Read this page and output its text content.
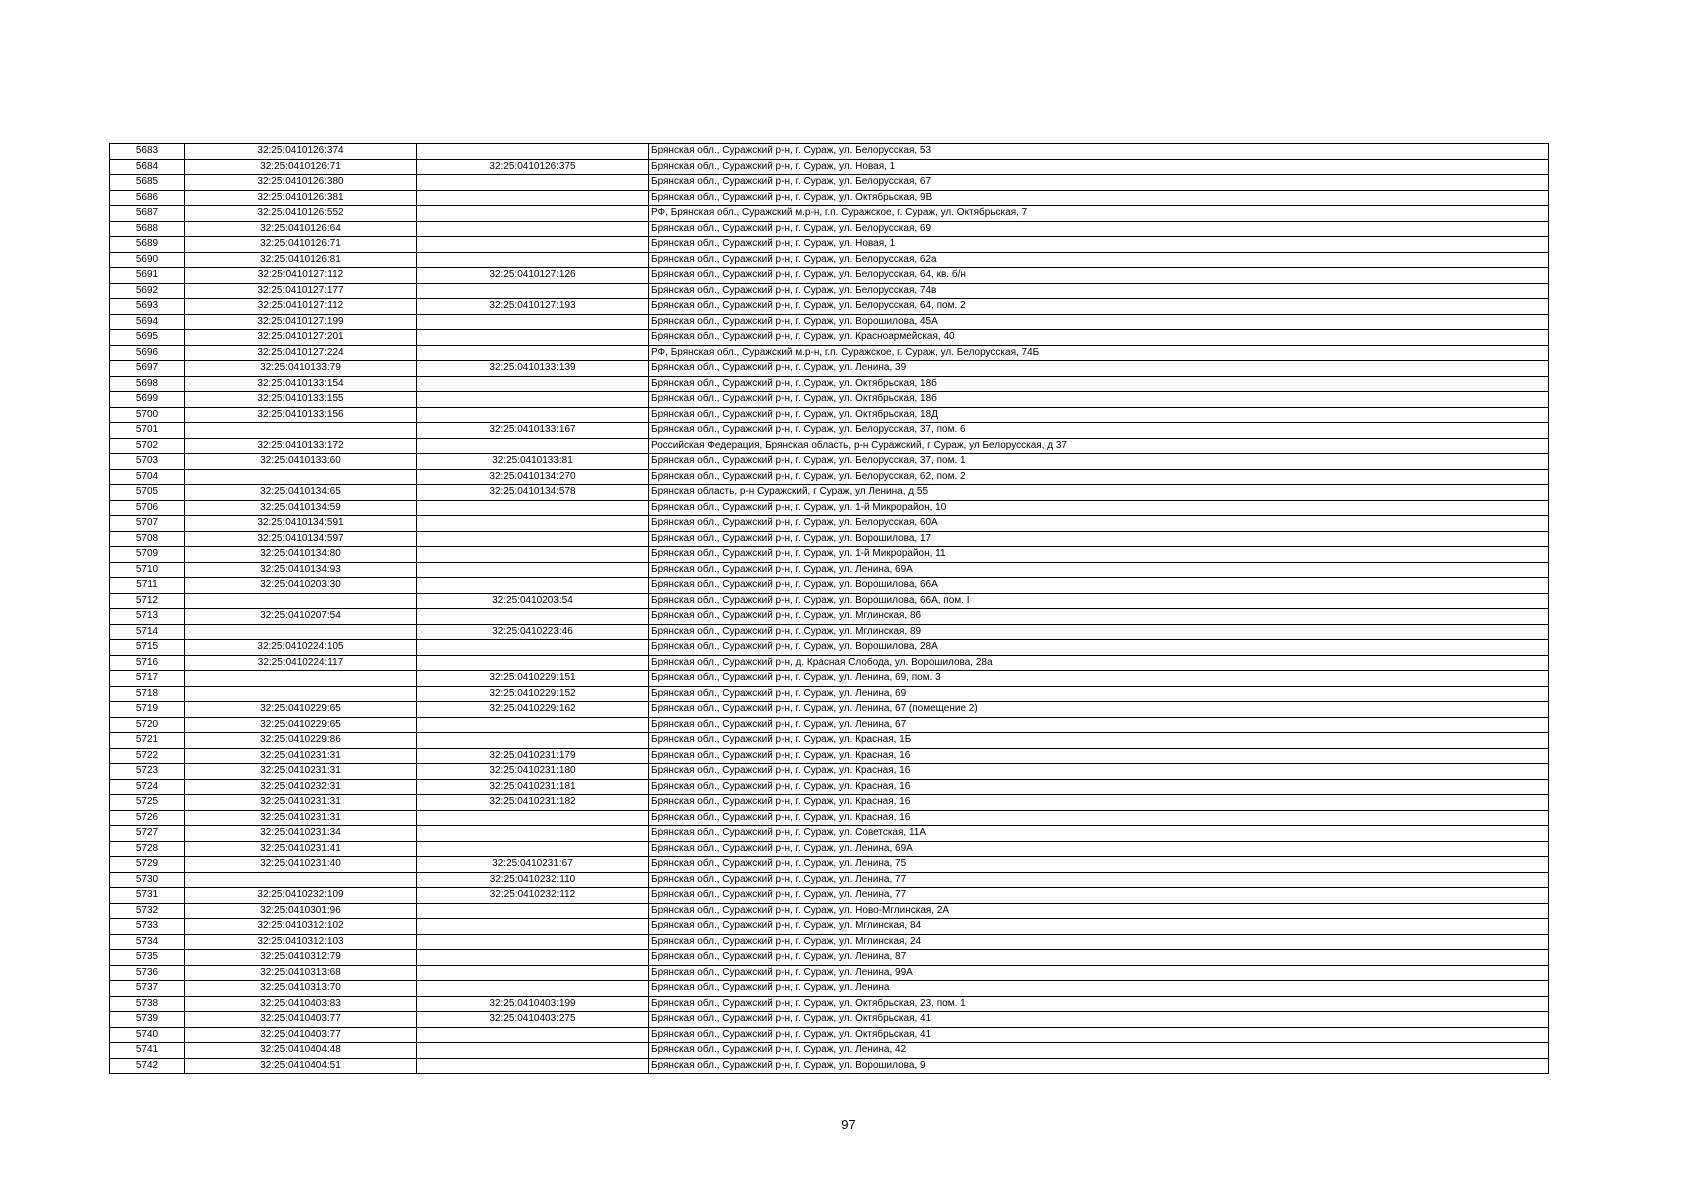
5683	32:25:0410126:374		Брянская обл., Суражский р-н, г. Сураж, ул. Белорусская, 53
5684	32:25:0410126:71	32:25:0410126:375	Брянская обл., Суражский р-н, г. Сураж, ул. Новая, 1
5685	32:25:0410126:380		Брянская обл., Суражский р-н, г. Сураж, ул. Белорусская, 67
5686	32:25:0410126:381		Брянская обл., Суражский р-н, г. Сураж, ул. Октябрьская, 9В
5687	32:25:0410126:552		РФ, Брянская обл., Суражский м.р-н, г.п. Суражское, г. Сураж, ул. Октябрьская, 7
5688	32:25:0410126:64		Брянская обл., Суражский р-н, г. Сураж, ул. Белорусская, 69
5689	32:25:0410126:71		Брянская обл., Суражский р-н, г. Сураж, ул. Новая, 1
5690	32:25:0410126:81		Брянская обл., Суражский р-н, г. Сураж, ул. Белорусская, 62а
5691	32:25:0410127:112	32:25:0410127:126	Брянская обл., Суражский р-н, г. Сураж, ул. Белорусская, 64, кв. б/н
5692	32:25:0410127:177		Брянская обл., Суражский р-н, г. Сураж, ул. Белорусская, 74в
5693	32:25:0410127:112	32:25:0410127:193	Брянская обл., Суражский р-н, г. Сураж, ул. Белорусская, 64, пом. 2
5694	32:25:0410127:199		Брянская обл., Суражский р-н, г. Сураж, ул. Ворошилова, 45А
5695	32:25:0410127:201		Брянская обл., Суражский р-н, г. Сураж, ул. Красноармейская, 40
5696	32:25:0410127:224		РФ, Брянская обл., Суражский м.р-н, г.п. Суражское, г. Сураж, ул. Белорусская, 74Б
5697	32:25:0410133:79	32:25:0410133:139	Брянская обл., Суражский р-н, г. Сураж, ул. Ленина, 39
5698	32:25:0410133:154		Брянская обл., Суражский р-н, г. Сураж, ул. Октябрьская, 18б
5699	32:25:0410133:155		Брянская обл., Суражский р-н, г. Сураж, ул. Октябрьская, 18б
5700	32:25:0410133:156		Брянская обл., Суражский р-н, г. Сураж, ул. Октябрьская, 18Д
5701		32:25:0410133:167	Брянская обл., Суражский р-н, г. Сураж, ул. Белорусская, 37, пом. 6
5702	32:25:0410133:172		Российская Федерация, Брянская область, р-н Суражский, г Сураж, ул Белорусская, д 37
5703	32:25:0410133:60	32:25:0410133:81	Брянская обл., Суражский р-н, г. Сураж, ул. Белорусская, 37, пом. 1
5704		32:25:0410134:270	Брянская обл., Суражский р-н, г. Сураж, ул. Белорусская, 62, пом. 2
5705	32:25:0410134:65	32:25:0410134:578	Брянская область, р-н Суражский, г Сураж, ул Ленина, д 55
5706	32:25:0410134:59		Брянская обл., Суражский р-н, г. Сураж, ул. 1-й Микрорайон, 10
5707	32:25:0410134:591		Брянская обл., Суражский р-н, г. Сураж, ул. Белорусская, 60А
5708	32:25:0410134:597		Брянская обл., Суражский р-н, г. Сураж, ул. Ворошилова, 17
5709	32:25:0410134:80		Брянская обл., Суражский р-н, г. Сураж, ул. 1-й Микрорайон, 11
5710	32:25:0410134:93		Брянская обл., Суражский р-н, г. Сураж, ул. Ленина, 69А
5711	32:25:0410203:30		Брянская обл., Суражский р-н, г. Сураж, ул. Ворошилова, 66А
5712		32:25:0410203:54	Брянская обл., Суражский р-н, г. Сураж, ул. Ворошилова, 66А, пом. I
5713	32:25:0410207:54		Брянская обл., Суражский р-н, г. Сураж, ул. Мглинская, 86
5714		32:25:0410223:46	Брянская обл., Суражский р-н, г. Сураж, ул. Мглинская, 89
5715	32:25:0410224:105		Брянская обл., Суражский р-н, г. Сураж, ул. Ворошилова, 28А
5716	32:25:0410224:117		Брянская обл., Суражский р-н, д. Красная Слобода, ул. Ворошилова, 28а
5717		32:25:0410229:151	Брянская обл., Суражский р-н, г. Сураж, ул. Ленина, 69, пом. 3
5718		32:25:0410229:152	Брянская обл., Суражский р-н, г. Сураж, ул. Ленина, 69
5719	32:25:0410229:65	32:25:0410229:162	Брянская обл., Суражский р-н, г. Сураж, ул. Ленина, 67 (помещение 2)
5720	32:25:0410229:65		Брянская обл., Суражский р-н, г. Сураж, ул. Ленина, 67
5721	32:25:0410229:86		Брянская обл., Суражский р-н, г. Сураж, ул. Красная, 1Б
5722	32:25:0410231:31	32:25:0410231:179	Брянская обл., Суражский р-н, г. Сураж, ул. Красная, 16
5723	32:25:0410231:31	32:25:0410231:180	Брянская обл., Суражский р-н, г. Сураж, ул. Красная, 16
5724	32:25:0410232:31	32:25:0410231:181	Брянская обл., Суражский р-н, г. Сураж, ул. Красная, 16
5725	32:25:0410231:31	32:25:0410231:182	Брянская обл., Суражский р-н, г. Сураж, ул. Красная, 16
5726	32:25:0410231:31		Брянская обл., Суражский р-н, г. Сураж, ул. Красная, 16
5727	32:25:0410231:34		Брянская обл., Суражский р-н, г. Сураж, ул. Советская, 11А
5728	32:25:0410231:41		Брянская обл., Суражский р-н, г. Сураж, ул. Ленина, 69А
5729	32:25:0410231:40	32:25:0410231:67	Брянская обл., Суражский р-н, г. Сураж, ул. Ленина, 75
5730		32:25:0410232:110	Брянская обл., Суражский р-н, г. Сураж, ул. Ленина, 77
5731	32:25:0410232:109	32:25:0410232:112	Брянская обл., Суражский р-н, г. Сураж, ул. Ленина, 77
5732	32:25:0410301:96		Брянская обл., Суражский р-н, г. Сураж, ул. Ново-Мглинская, 2А
5733	32:25:0410312:102		Брянская обл., Суражский р-н, г. Сураж, ул. Мглинская, 84
5734	32:25:0410312:103		Брянская обл., Суражский р-н, г. Сураж, ул. Мглинская, 24
5735	32:25:0410312:79		Брянская обл., Суражский р-н, г. Сураж, ул. Ленина, 87
5736	32:25:0410313:68		Брянская обл., Суражский р-н, г. Сураж, ул. Ленина, 99А
5737	32:25:0410313:70		Брянская обл., Суражский р-н, г. Сураж, ул. Ленина
5738	32:25:0410403:83	32:25:0410403:199	Брянская обл., Суражский р-н, г. Сураж, ул. Октябрьская, 23, пом. 1
5739	32:25:0410403:77	32:25:0410403:275	Брянская обл., Суражский р-н, г. Сураж, ул. Октябрьская, 41
5740	32:25:0410403:77		Брянская обл., Суражский р-н, г. Сураж, ул. Октябрьская, 41
5741	32:25:0410404:48		Брянская обл., Суражский р-н, г. Сураж, ул. Ленина, 42
5742	32:25:0410404:51		Брянская обл., Суражский р-н, г. Сураж, ул. Ворошилова, 9
97
